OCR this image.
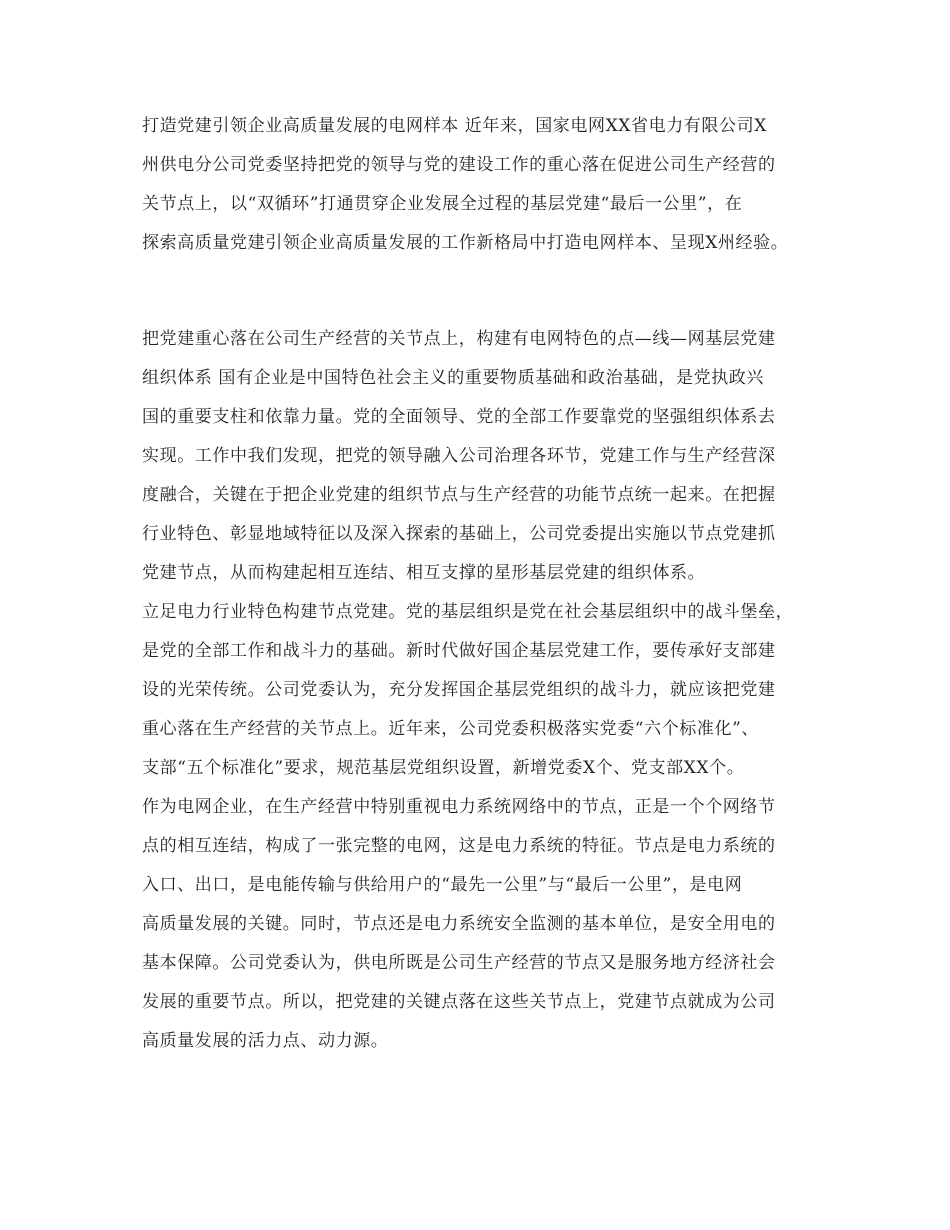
打造党建引领企业高质量发展的电网样本 近年来，国家电网XX省电力有限公司X
州供电分公司党委坚持把党的领导与党的建设工作的重心落在促进公司生产经营的
关节点上，以“双循环”打通贯穿企业发展全过程的基层党建“最后一公里”，在
探索高质量党建引领企业高质量发展的工作新格局中打造电网样本、呈现X州经验。
把党建重心落在公司生产经营的关节点上，构建有电网特色的点—线—网基层党建
组织体系 国有企业是中国特色社会主义的重要物质基础和政治基础，是党执政兴
国的重要支柱和依靠力量。党的全面领导、党的全部工作要靠党的坚强组织体系去
实现。工作中我们发现，把党的领导融入公司治理各环节，党建工作与生产经营深
度融合，关键在于把企业党建的组织节点与生产经营的功能节点统一起来。在把握
行业特色、彰显地域特征以及深入探索的基础上，公司党委提出实施以节点党建抓
党建节点，从而构建起相互连结、相互支撑的星形基层党建的组织体系。
立足电力行业特色构建节点党建。党的基层组织是党在社会基层组织中的战斗堡垒，
是党的全部工作和战斗力的基础。新时代做好国企基层党建工作，要传承好支部建
设的光荣传统。公司党委认为，充分发挥国企基层党组织的战斗力，就应该把党建
重心落在生产经营的关节点上。近年来，公司党委积极落实党委“六个标准化”、
支部“五个标准化”要求，规范基层党组织设置，新增党委X个、党支部XX个。
作为电网企业，在生产经营中特别重视电力系统网络中的节点，正是一个个网络节
点的相互连结，构成了一张完整的电网，这是电力系统的特征。节点是电力系统的
入口、出口，是电能传输与供给用户的“最先一公里”与“最后一公里”，是电网
高质量发展的关键。同时，节点还是电力系统安全监测的基本单位，是安全用电的
基本保障。公司党委认为，供电所既是公司生产经营的节点又是服务地方经济社会
发展的重要节点。所以，把党建的关键点落在这些关节点上，党建节点就成为公司
高质量发展的活力点、动力源。
